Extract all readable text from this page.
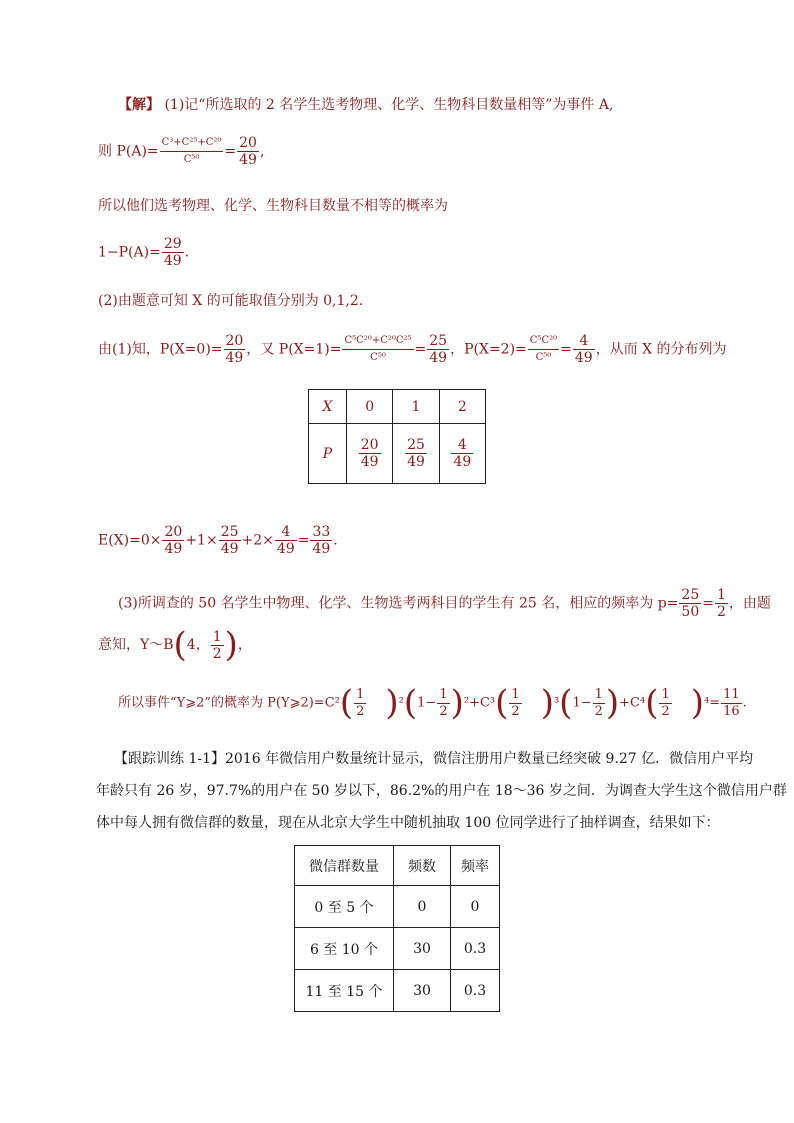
【解】 (1)记“所选取的 2 名学生选考物理、化学、生物科目数量相等”为事件 A,
则 $P(A)= \frac{\text{C³+C²⁵+C²⁰}}{\text{C⁵⁰}} = \frac{20}{49}$ ,
所以他们选考物理、化学、生物科目数量不相等的概率为
$1-P(A)= \frac{29}{49}$ .
(2)由题意可知 X 的可能取值分别为 0,1,2.
由(1)知，$P(X=0)= \frac{20}{49}$ ，又 $P(X=1)= \frac{\text{C⁵C²⁰+C²⁰C²⁵}}{\text{C⁵⁰}} = \frac{25}{49}$ ，$P(X=2)= \frac{\text{C⁵C²⁰}}{\text{C⁵⁰}} = \frac{4}{49}$ ，从而 X 的分布列为
X	0	1	2
P	$\frac{20}{49}$	$\frac{25}{49}$	$\frac{4}{49}$
$E(X)=0\times \frac{20}{49} +1\times \frac{25}{49} +2\times \frac{4}{49} = \frac{33}{49}$ .
(3)所调查的 50 名学生中物理、化学、生物选考两科目的学生有 25 名，相应的频率为 $p= \frac{25}{50} = \frac{1}{2}$ ，由题
意知，Y～B(4， $\frac{1}{2}$ )，
所以事件“Y⩾2”的概率为 P(Y⩾2)=C²( $\frac{1}{2} )^2(1- \frac{1}{2} )^2+C^3( \frac{1}{2} )^3(1- \frac{1}{2} )+C^4( \frac{1}{2} )^4= \frac{11}{16}$ .
【跟踪训练 1-1】2016 年微信用户数量统计显示，微信注册用户数量已经突破 9.27 亿．微信用户平均
年龄只有 26 岁，97.7%的用户在 50 岁以下，86.2%的用户在 18～36 岁之间．为调查大学生这个微信用户群
体中每人拥有微信群的数量，现在从北京大学生中随机抽取 100 位同学进行了抽样调查，结果如下：
微信群数量	频数	频率
0 至 5 个	0	0
6 至 10 个	30	0.3
11 至 15 个	30	0.3
